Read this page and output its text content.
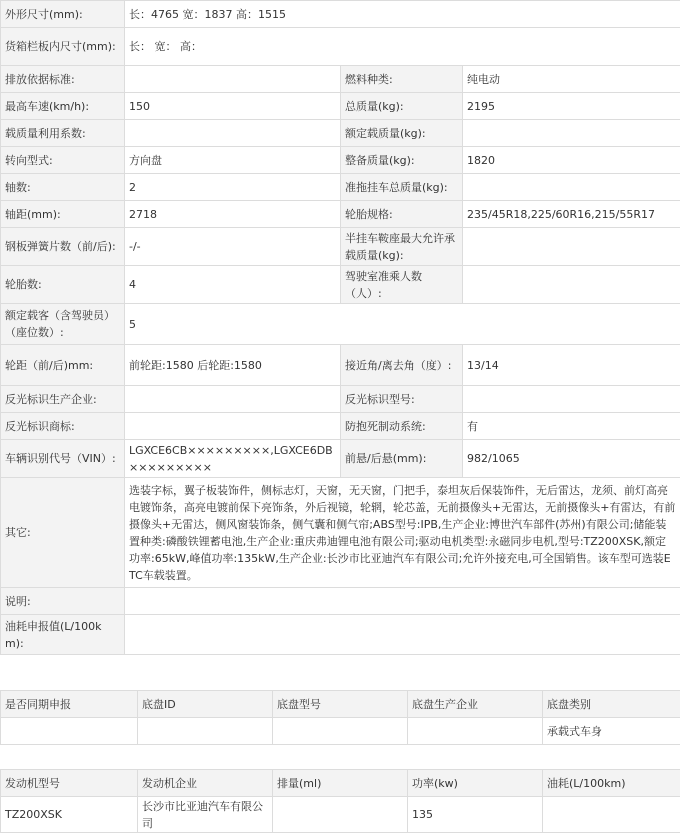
外形尺寸(mm):	长：4765 宽：1837 高：1515		
货箱栏板内尺寸(mm):	长： 宽： 高：		
排放依据标准:		燃料种类:	纯电动
最高车速(km/h):	150	总质量(kg):	2195
载质量利用系数:		额定载质量(kg):	
转向型式:	方向盘	整备质量(kg):	1820
轴数:	2	准拖挂车总质量(kg):	
轴距(mm):	2718	轮胎规格:	235/45R18,225/60R16,215/55R17
钢板弹簧片数（前/后):	-/-	半挂车鞍座最大允许承载质量(kg):	
轮胎数:	4	驾驶室准乘人数（人）:	
额定载客（含驾驶员）（座位数）:	5		
轮距（前/后)mm:	前轮距:1580 后轮距:1580	接近角/离去角（度）:	13/14
反光标识生产企业:		反光标识型号:	
反光标识商标:		防抱死制动系统:	有
车辆识别代号（VIN）:	LGXCE6CB×××××××××,LGXCE6DB×××××××××	前悬/后悬(mm):	982/1065
其它:	选装字标，翼子板装饰件，侧标志灯，天窗，无天窗，门把手，泰坦灰后保装饰件，无后雷达，龙须、前灯高亮电镀饰条，高亮电镀前保下亮饰条，外后视镜，轮辋，轮芯盖，无前摄像头+无雷达，无前摄像头+有雷达，有前摄像头+无雷达，侧风窗装饰条，侧气囊和侧气帘;ABS型号:IPB,生产企业:博世汽车部件(苏州)有限公司;储能装置种类:磷酸铁锂蓄电池,生产企业:重庆弗迪锂电池有限公司;驱动电机类型:永磁同步电机,型号:TZ200XSK,额定功率:65kW,峰值功率:135kW,生产企业:长沙市比亚迪汽车有限公司;允许外接充电,可全国销售。该车型可选装ETC车载装置。		
说明:			
油耗申报值(L/100km):			
是否同期申报	底盘ID	底盘型号	底盘生产企业	底盘类别
				承载式车身
发动机型号	发动机企业	排量(ml)	功率(kw)	油耗(L/100km)
TZ200XSK	长沙市比亚迪汽车有限公司		135	
